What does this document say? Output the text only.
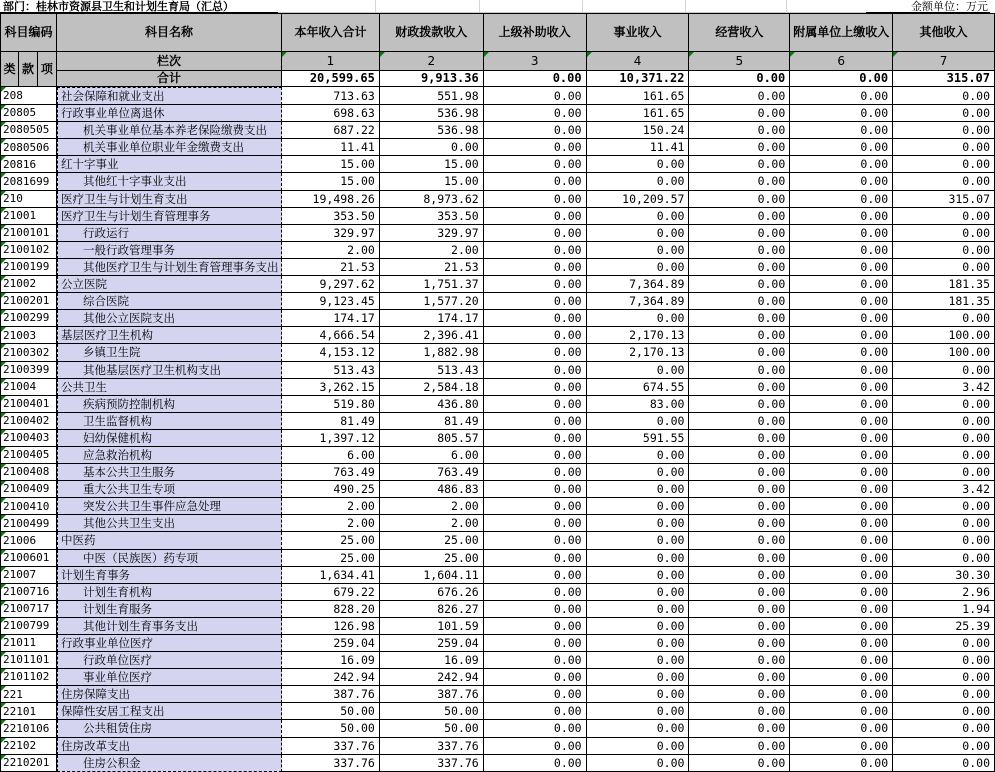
部门：桂林市资源县卫生和计划生育局（汇总）	金额单位：万元
科目编码			科目名称	本年收入合计	财政拨款收入	上级补助收入	事业收入	经营收入	附属单位上缴收入	其他收入
类	款	项	栏次	1	2	3	4	5	6	7
			合计	20,599.65	9,913.36	0.00	10,371.22	0.00	0.00	315.07
208			社会保障和就业支出	713.63	551.98	0.00	161.65	0.00	0.00	0.00
20805			行政事业单位离退休	698.63	536.98	0.00	161.65	0.00	0.00	0.00
2080505			机关事业单位基本养老保险缴费支出	687.22	536.98	0.00	150.24	0.00	0.00	0.00
2080506			机关事业单位职业年金缴费支出	11.41	0.00	0.00	11.41	0.00	0.00	0.00
20816			红十字事业	15.00	15.00	0.00	0.00	0.00	0.00	0.00
2081699			其他红十字事业支出	15.00	15.00	0.00	0.00	0.00	0.00	0.00
210			医疗卫生与计划生育支出	19,498.26	8,973.62	0.00	10,209.57	0.00	0.00	315.07
21001			医疗卫生与计划生育管理事务	353.50	353.50	0.00	0.00	0.00	0.00	0.00
2100101			行政运行	329.97	329.97	0.00	0.00	0.00	0.00	0.00
2100102			一般行政管理事务	2.00	2.00	0.00	0.00	0.00	0.00	0.00
2100199			其他医疗卫生与计划生育管理事务支出	21.53	21.53	0.00	0.00	0.00	0.00	0.00
21002			公立医院	9,297.62	1,751.37	0.00	7,364.89	0.00	0.00	181.35
2100201			综合医院	9,123.45	1,577.20	0.00	7,364.89	0.00	0.00	181.35
2100299			其他公立医院支出	174.17	174.17	0.00	0.00	0.00	0.00	0.00
21003			基层医疗卫生机构	4,666.54	2,396.41	0.00	2,170.13	0.00	0.00	100.00
2100302			乡镇卫生院	4,153.12	1,882.98	0.00	2,170.13	0.00	0.00	100.00
2100399			其他基层医疗卫生机构支出	513.43	513.43	0.00	0.00	0.00	0.00	0.00
21004			公共卫生	3,262.15	2,584.18	0.00	674.55	0.00	0.00	3.42
2100401			疾病预防控制机构	519.80	436.80	0.00	83.00	0.00	0.00	0.00
2100402			卫生监督机构	81.49	81.49	0.00	0.00	0.00	0.00	0.00
2100403			妇幼保健机构	1,397.12	805.57	0.00	591.55	0.00	0.00	0.00
2100405			应急救治机构	6.00	6.00	0.00	0.00	0.00	0.00	0.00
2100408			基本公共卫生服务	763.49	763.49	0.00	0.00	0.00	0.00	0.00
2100409			重大公共卫生专项	490.25	486.83	0.00	0.00	0.00	0.00	3.42
2100410			突发公共卫生事件应急处理	2.00	2.00	0.00	0.00	0.00	0.00	0.00
2100499			其他公共卫生支出	2.00	2.00	0.00	0.00	0.00	0.00	0.00
21006			中医药	25.00	25.00	0.00	0.00	0.00	0.00	0.00
2100601			中医（民族医）药专项	25.00	25.00	0.00	0.00	0.00	0.00	0.00
21007			计划生育事务	1,634.41	1,604.11	0.00	0.00	0.00	0.00	30.30
2100716			计划生育机构	679.22	676.26	0.00	0.00	0.00	0.00	2.96
2100717			计划生育服务	828.20	826.27	0.00	0.00	0.00	0.00	1.94
2100799			其他计划生育事务支出	126.98	101.59	0.00	0.00	0.00	0.00	25.39
21011			行政事业单位医疗	259.04	259.04	0.00	0.00	0.00	0.00	0.00
2101101			行政单位医疗	16.09	16.09	0.00	0.00	0.00	0.00	0.00
2101102			事业单位医疗	242.94	242.94	0.00	0.00	0.00	0.00	0.00
221			住房保障支出	387.76	387.76	0.00	0.00	0.00	0.00	0.00
22101			保障性安居工程支出	50.00	50.00	0.00	0.00	0.00	0.00	0.00
2210106			公共租赁住房	50.00	50.00	0.00	0.00	0.00	0.00	0.00
22102			住房改革支出	337.76	337.76	0.00	0.00	0.00	0.00	0.00
2210201			住房公积金	337.76	337.76	0.00	0.00	0.00	0.00	0.00
